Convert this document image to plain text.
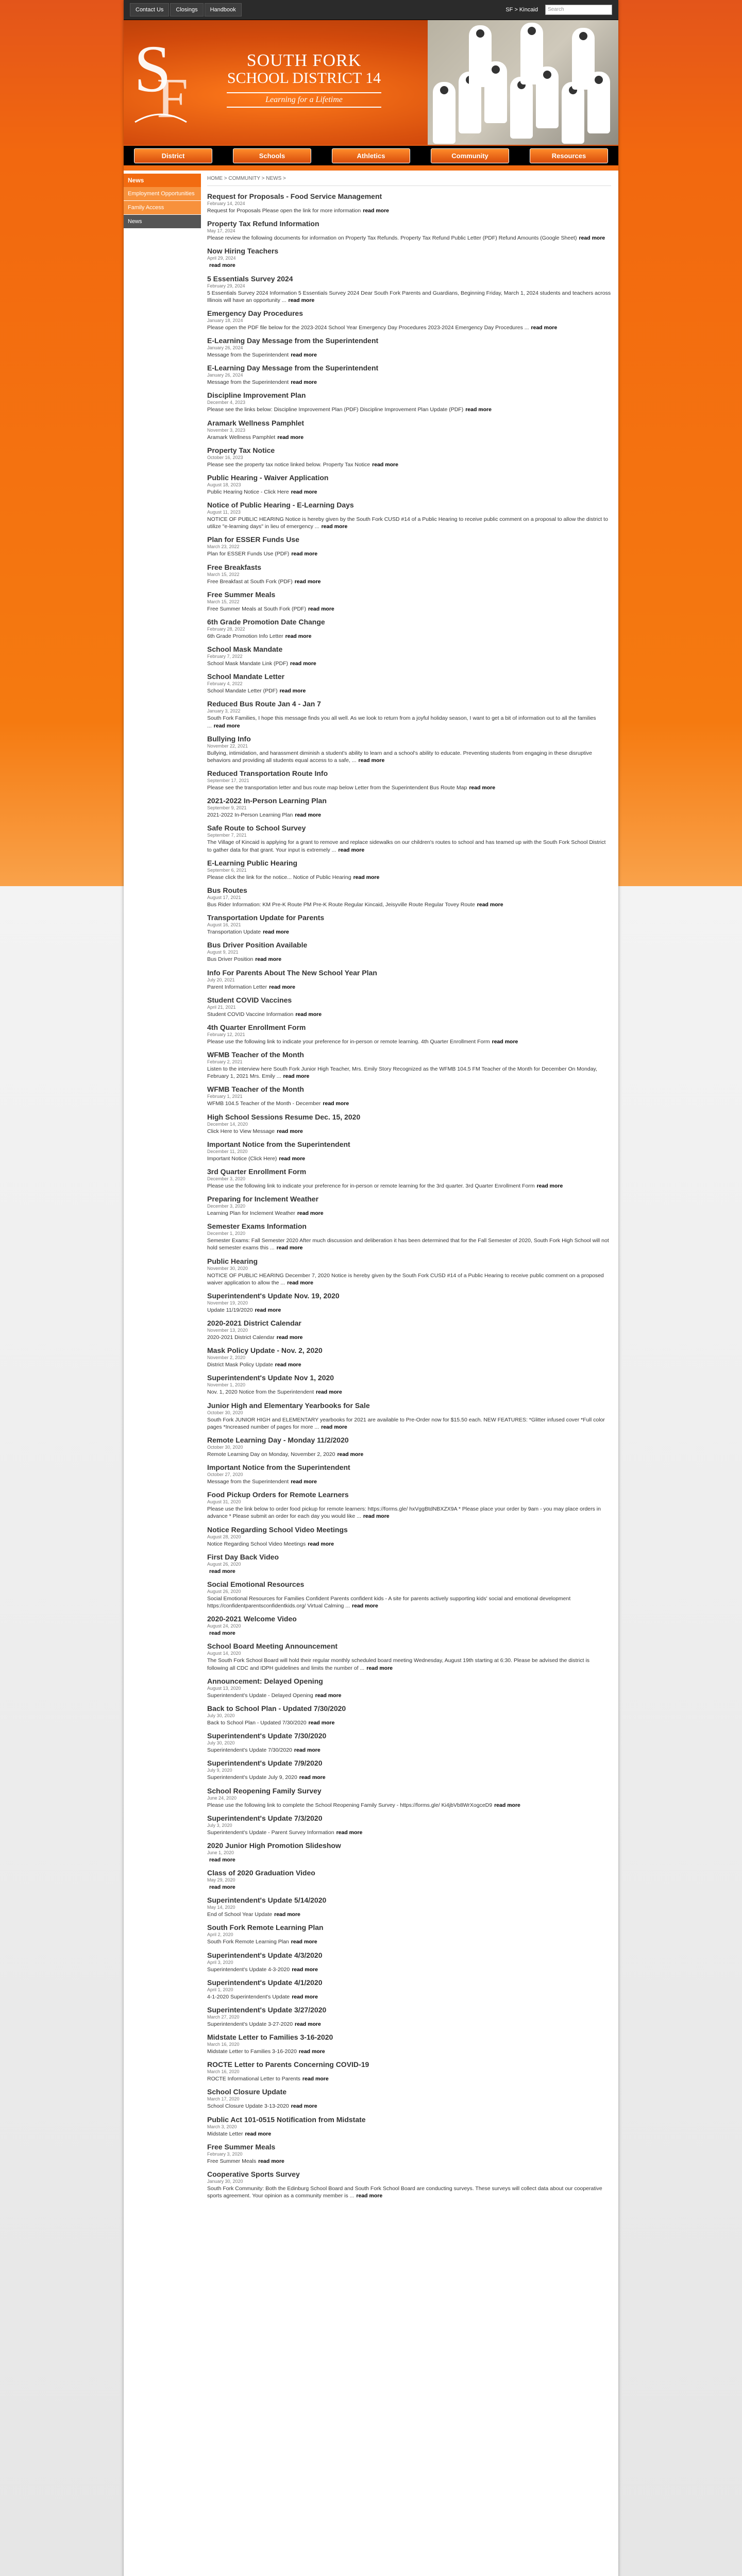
Contact Us	Closings	Handbook	SF > Kincaid	Search
S
F
SOUTH FORK
SCHOOL DISTRICT 14
Learning for a Lifetime
District	Schools	Athletics	Community	Resources
News
Employment Opportunities
Family Access
News
HOME > COMMUNITY > NEWS >
Request for Proposals - Food Service Management
February 14, 2024
Request for Proposals Please open the link for more information read more
Property Tax Refund Information
May 17, 2024
Please review the following documents for information on Property Tax Refunds. Property Tax Refund Public Letter (PDF) Refund Amounts (Google Sheet) read more
Now Hiring Teachers
April 29, 2024
read more
5 Essentials Survey 2024
February 29, 2024
5 Essentials Survey 2024 Information 5 Essentials Survey 2024 Dear South Fork Parents and Guardians, Beginning Friday, March 1, 2024 students and teachers across Illinois will have an opportunity ... read more
Emergency Day Procedures
January 18, 2024
Please open the PDF file below for the 2023-2024 School Year Emergency Day Procedures 2023-2024 Emergency Day Procedures ... read more
E-Learning Day Message from the Superintendent
January 26, 2024
Message from the Superintendent read more
E-Learning Day Message from the Superintendent
January 26, 2024
Message from the Superintendent read more
Discipline Improvement Plan
December 4, 2023
Please see the links below: Discipline Improvement Plan (PDF) Discipline Improvement Plan Update (PDF) read more
Aramark Wellness Pamphlet
November 3, 2023
Aramark Wellness Pamphlet read more
Property Tax Notice
October 16, 2023
Please see the property tax notice linked below. Property Tax Notice read more
Public Hearing - Waiver Application
August 18, 2023
Public Hearing Notice - Click Here read more
Notice of Public Hearing - E-Learning Days
August 11, 2023
NOTICE OF PUBLIC HEARING Notice is hereby given by the South Fork CUSD #14 of a Public Hearing to receive public comment on a proposal to allow the district to utilize "e-learning days" in lieu of emergency ... read more
Plan for ESSER Funds Use
March 23, 2022
Plan for ESSER Funds Use (PDF) read more
Free Breakfasts
March 15, 2022
Free Breakfast at South Fork (PDF) read more
Free Summer Meals
March 15, 2022
Free Summer Meals at South Fork (PDF) read more
6th Grade Promotion Date Change
February 28, 2022
6th Grade Promotion Info Letter read more
School Mask Mandate
February 7, 2022
School Mask Mandate Link (PDF) read more
School Mandate Letter
February 4, 2022
School Mandate Letter (PDF) read more
Reduced Bus Route Jan 4 - Jan 7
January 3, 2022
South Fork Families, I hope this message finds you all well. As we look to return from a joyful holiday season, I want to get a bit of information out to all the families ... read more
Bullying Info
November 22, 2021
Bullying, intimidation, and harassment diminish a student's ability to learn and a school's ability to educate. Preventing students from engaging in these disruptive behaviors and providing all students equal access to a safe, ... read more
Reduced Transportation Route Info
September 17, 2021
Please see the transportation letter and bus route map below Letter from the Superintendent Bus Route Map read more
2021-2022 In-Person Learning Plan
September 9, 2021
2021-2022 In-Person Learning Plan read more
Safe Route to School Survey
September 7, 2021
The Village of Kincaid is applying for a grant to remove and replace sidewalks on our children's routes to school and has teamed up with the South Fork School District to gather data for that grant. Your input is extremely ... read more
E-Learning Public Hearing
September 6, 2021
Please click the link for the notice... Notice of Public Hearing read more
Bus Routes
August 17, 2021
Bus Rider Information: KM Pre-K Route PM Pre-K Route Regular Kincaid, Jeisyville Route Regular Tovey Route read more
Transportation Update for Parents
August 16, 2021
Transportation Update read more
Bus Driver Position Available
August 9, 2021
Bus Driver Position read more
Info For Parents About The New School Year Plan
July 20, 2021
Parent Information Letter read more
Student COVID Vaccines
April 21, 2021
Student COVID Vaccine Information read more
4th Quarter Enrollment Form
February 12, 2021
Please use the following link to indicate your preference for in-person or remote learning. 4th Quarter Enrollment Form read more
WFMB Teacher of the Month
February 2, 2021
Listen to the interview here South Fork Junior High Teacher, Mrs. Emily Story Recognized as the WFMB 104.5 FM Teacher of the Month for December On Monday, February 1, 2021 Mrs. Emily ... read more
WFMB Teacher of the Month
February 1, 2021
WFMB 104.5 Teacher of the Month - December read more
High School Sessions Resume Dec. 15, 2020
December 14, 2020
Click Here to View Message read more
Important Notice from the Superintendent
December 11, 2020
Important Notice (Click Here) read more
3rd Quarter Enrollment Form
December 3, 2020
Please use the following link to indicate your preference for in-person or remote learning for the 3rd quarter. 3rd Quarter Enrollment Form read more
Preparing for Inclement Weather
December 3, 2020
Learning Plan for Inclement Weather read more
Semester Exams Information
December 1, 2020
Semester Exams: Fall Semester 2020 After much discussion and deliberation it has been determined that for the Fall Semester of 2020, South Fork High School will not hold semester exams this ... read more
Public Hearing
November 30, 2020
NOTICE OF PUBLIC HEARING December 7, 2020 Notice is hereby given by the South Fork CUSD #14 of a Public Hearing to receive public comment on a proposed waiver application to allow the ... read more
Superintendent's Update Nov. 19, 2020
November 19, 2020
Update 11/19/2020 read more
2020-2021 District Calendar
November 13, 2020
2020-2021 District Calendar read more
Mask Policy Update - Nov. 2, 2020
November 2, 2020
District Mask Policy Update read more
Superintendent's Update Nov 1, 2020
November 1, 2020
Nov. 1, 2020 Notice from the Superintendent read more
Junior High and Elementary Yearbooks for Sale
October 30, 2020
South Fork JUNIOR HIGH and ELEMENTARY yearbooks for 2021 are available to Pre-Order now for $15.50 each. NEW FEATURES: *Glitter infused cover *Full color pages *Increased number of pages for more ... read more
Remote Learning Day - Monday 11/2/2020
October 30, 2020
Remote Learning Day on Monday, November 2, 2020 read more
Important Notice from the Superintendent
October 27, 2020
Message from the Superintendent read more
Food Pickup Orders for Remote Learners
August 31, 2020
Please use the link below to order food pickup for remote learners: https://forms.gle/ hxVggBtdNBXZX9A * Please place your order by 9am - you may place orders in advance * Please submit an order for each day you would like ... read more
Notice Regarding School Video Meetings
August 28, 2020
Notice Regarding School Video Meetings read more
First Day Back Video
August 26, 2020
read more
Social Emotional Resources
August 26, 2020
Social Emotional Resources for Families Confident Parents confident kids - A site for parents actively supporting kids' social and emotional development https://confidentparentsconfidentkids.org/ Virtual Calming ... read more
2020-2021 Welcome Video
August 24, 2020
read more
School Board Meeting Announcement
August 14, 2020
The South Fork School Board will hold their regular monthly scheduled board meeting Wednesday, August 19th starting at 6:30. Please be advised the district is following all CDC and IDPH guidelines and limits the number of ... read more
Announcement: Delayed Opening
August 13, 2020
Superintendent's Update - Delayed Opening read more
Back to School Plan - Updated 7/30/2020
July 30, 2020
Back to School Plan - Updated 7/30/2020 read more
Superintendent's Update 7/30/2020
July 30, 2020
Superintendent's Update 7/30/2020 read more
Superintendent's Update 7/9/2020
July 9, 2020
Superintendent's Update July 9, 2020 read more
School Reopening Family Survey
June 24, 2020
Please use the following link to complete the School Reopening Family Survey - https://forms.gle/ Ki4jbVb8WrXogceD9 read more
Superintendent's Update 7/3/2020
July 3, 2020
Superintendent's Update - Parent Survey Information read more
2020 Junior High Promotion Slideshow
June 1, 2020
read more
Class of 2020 Graduation Video
May 29, 2020
read more
Superintendent's Update 5/14/2020
May 14, 2020
End of School Year Update read more
South Fork Remote Learning Plan
April 2, 2020
South Fork Remote Learning Plan read more
Superintendent's Update 4/3/2020
April 3, 2020
Superintendent's Update 4-3-2020 read more
Superintendent's Update 4/1/2020
April 1, 2020
4-1-2020 Superintendent's Update read more
Superintendent's Update 3/27/2020
March 27, 2020
Superintendent's Update 3-27-2020 read more
Midstate Letter to Families 3-16-2020
March 16, 2020
Midstate Letter to Families 3-16-2020 read more
ROCTE Letter to Parents Concerning COVID-19
March 16, 2020
ROCTE Informational Letter to Parents read more
School Closure Update
March 17, 2020
School Closure Update 3-13-2020 read more
Public Act 101-0515 Notification from Midstate
March 3, 2020
Midstate Letter read more
Free Summer Meals
February 3, 2020
Free Summer Meals read more
Cooperative Sports Survey
January 30, 2020
South Fork Community: Both the Edinburg School Board and South Fork School Board are conducting surveys. These surveys will collect data about our cooperative sports agreement. Your opinion as a community member is ... read more
